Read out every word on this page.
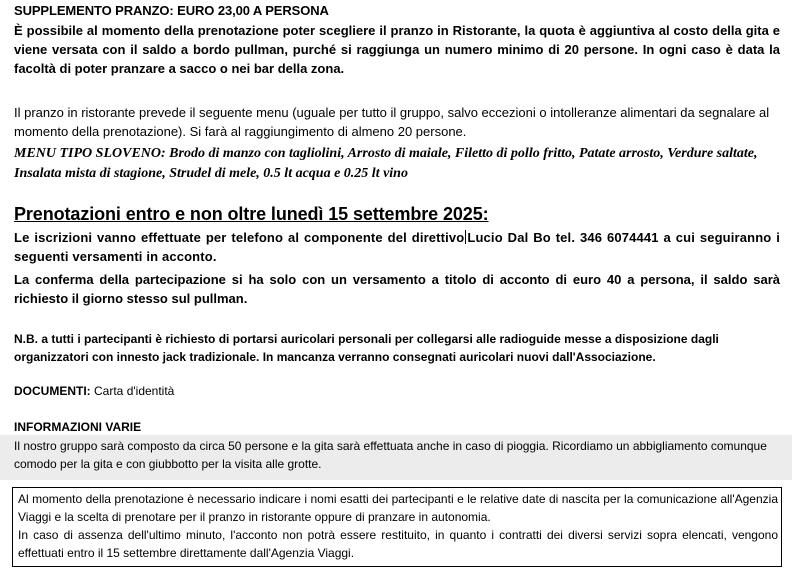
SUPPLEMENTO PRANZO: EURO 23,00 A PERSONA

È possibile al momento della prenotazione poter scegliere il pranzo in Ristorante, la quota è aggiuntiva al costo della gita e viene versata con il saldo a bordo pullman, purché si raggiunga un numero minimo di 20 persone. In ogni caso è data la facoltà di poter pranzare a sacco o nei bar della zona.

Il pranzo in ristorante prevede il seguente menu (uguale per tutto il gruppo, salvo eccezioni o intolleranze alimentari da segnalare al momento della prenotazione). Si farà al raggiungimento di almeno 20 persone.

MENU TIPO SLOVENO: Brodo di manzo con tagliolini, Arrosto di maiale, Filetto di pollo fritto, Patate arrosto, Verdure saltate, Insalata mista di stagione, Strudel di mele, 0.5 lt acqua e 0.25 lt vino

Prenotazioni entro e non oltre lunedì 15 settembre 2025:

Le iscrizioni vanno effettuate per telefono al componente del direttivo Lucio Dal Bo tel. 346 6074441 a cui seguiranno i seguenti versamenti in acconto.

La conferma della partecipazione si ha solo con un versamento a titolo di acconto di euro 40 a persona, il saldo sarà richiesto il giorno stesso sul pullman.

N.B. a tutti i partecipanti è richiesto di portarsi auricolari personali per collegarsi alle radioguide messe a disposizione dagli organizzatori con innesto jack tradizionale. In mancanza verranno consegnati auricolari nuovi dall'Associazione.

DOCUMENTI: Carta d'identità

INFORMAZIONI VARIE

Il nostro gruppo sarà composto da circa 50 persone e la gita sarà effettuata anche in caso di pioggia. Ricordiamo un abbigliamento comunque comodo per la gita e con giubbotto per la visita alle grotte.

Al momento della prenotazione è necessario indicare i nomi esatti dei partecipanti e le relative date di nascita per la comunicazione all'Agenzia Viaggi e la scelta di prenotare per il pranzo in ristorante oppure di pranzare in autonomia.

In caso di assenza dell'ultimo minuto, l'acconto non potrà essere restituito, in quanto i contratti dei diversi servizi sopra elencati, vengono effettuati entro il 15 settembre direttamente dall'Agenzia Viaggi.
